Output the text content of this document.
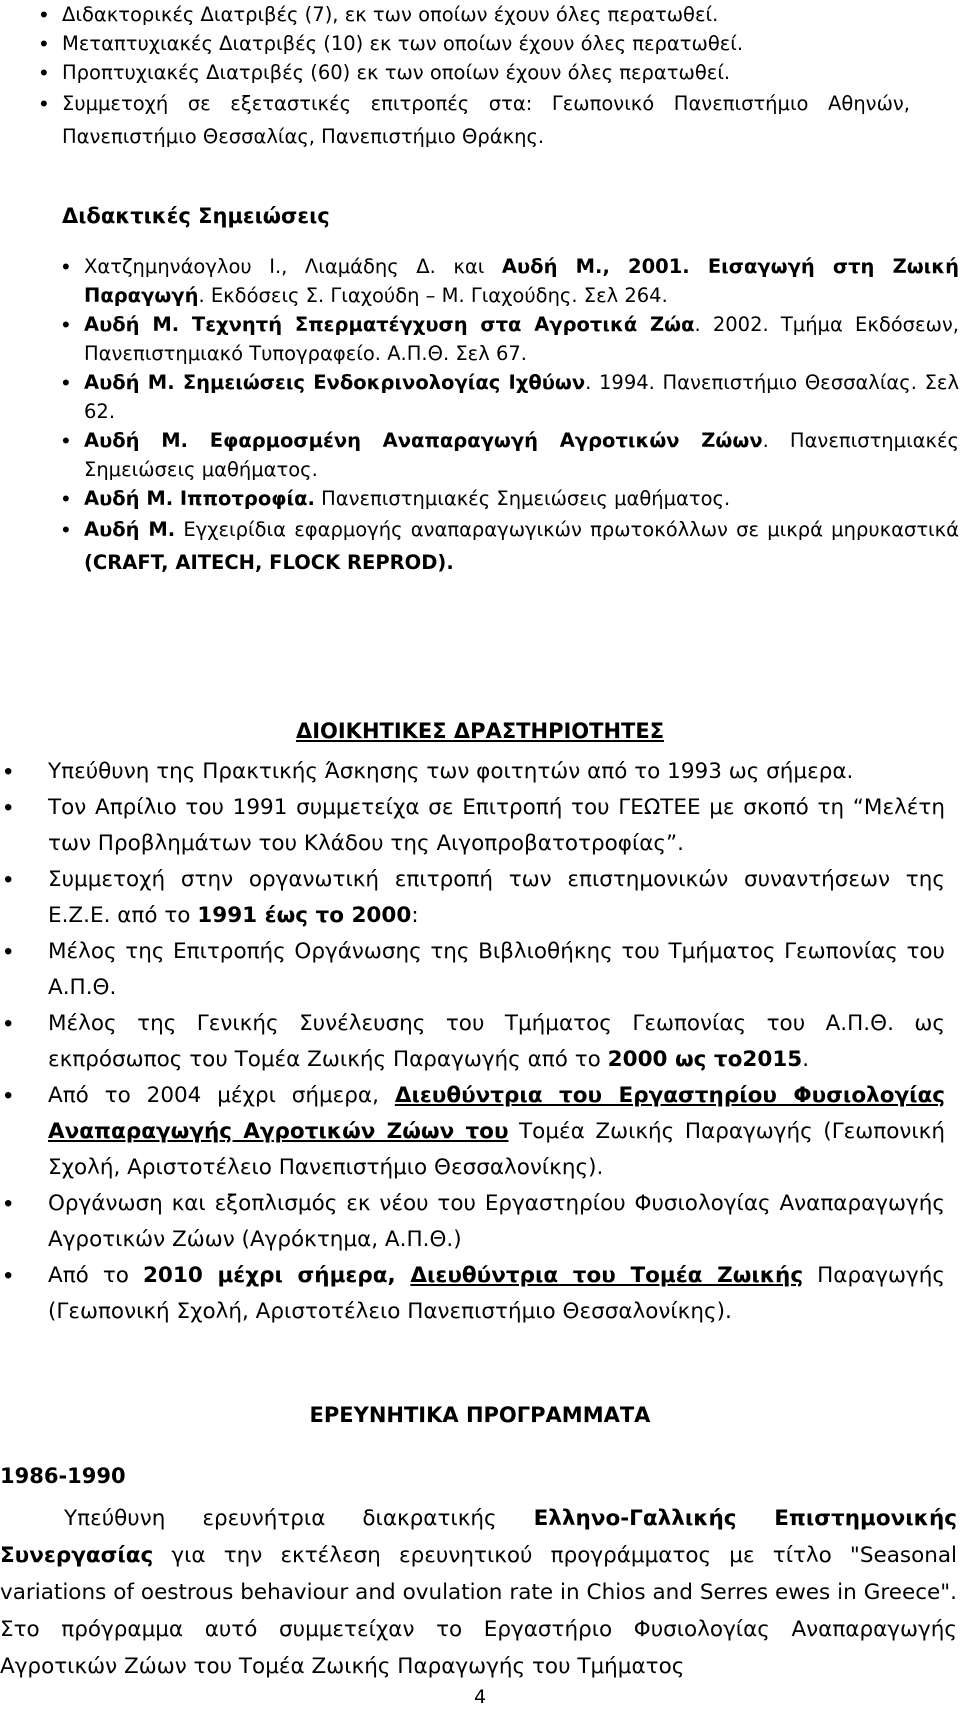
• Διδακτορικές Διατριβές (7), εκ των οποίων έχουν όλες περατωθεί.
• Μεταπτυχιακές Διατριβές (10) εκ των οποίων έχουν όλες περατωθεί.
• Προπτυχιακές Διατριβές (60) εκ των οποίων έχουν όλες περατωθεί.
• Συμμετοχή σε εξεταστικές επιτροπές στα: Γεωπονικό Πανεπιστήμιο Αθηνών, Πανεπιστήμιο Θεσσαλίας, Πανεπιστήμιο Θράκης.
Διδακτικές Σημειώσεις
• Χατζημηνάογλου Ι., Λιαμάδης Δ. και Αυδή Μ., 2001. Εισαγωγή στη Ζωική Παραγωγή. Εκδόσεις Σ. Γιαχούδη – Μ. Γιαχούδης. Σελ 264.
• Αυδή Μ. Τεχνητή Σπερματέγχυση στα Αγροτικά Ζώα. 2002. Τμήμα Εκδόσεων, Πανεπιστημιακό Τυπογραφείο. Α.Π.Θ. Σελ 67.
• Αυδή Μ. Σημειώσεις Ενδοκρινολογίας Ιχθύων. 1994. Πανεπιστήμιο Θεσσαλίας. Σελ 62.
• Αυδή Μ. Εφαρμοσμένη Αναπαραγωγή Αγροτικών Ζώων. Πανεπιστημιακές Σημειώσεις μαθήματος.
• Αυδή Μ. Ιπποτροφία. Πανεπιστημιακές Σημειώσεις μαθήματος.
• Αυδή Μ. Εγχειρίδια εφαρμογής αναπαραγωγικών πρωτοκόλλων σε μικρά μηρυκαστικά (CRAFT, AITECH, FLOCK REPROD).
ΔΙΟΙΚΗΤΙΚΕΣ ΔΡΑΣΤΗΡΙΟΤΗΤΕΣ
• Υπεύθυνη της Πρακτικής Άσκησης των φοιτητών από το 1993 ως σήμερα.
• Τον Απρίλιο του 1991 συμμετείχα σε Επιτροπή του ΓΕΩΤΕΕ με σκοπό τη “Μελέτη των Προβλημάτων του Κλάδου της Αιγοπροβατοτροφίας”.
• Συμμετοχή στην οργανωτική επιτροπή των επιστημονικών συναντήσεων της Ε.Ζ.Ε. από το 1991 έως το 2000:
• Μέλος της Επιτροπής Οργάνωσης της Βιβλιοθήκης του Τμήματος Γεωπονίας του Α.Π.Θ.
• Μέλος της Γενικής Συνέλευσης του Τμήματος Γεωπονίας του Α.Π.Θ. ως εκπρόσωπος του Τομέα Ζωικής Παραγωγής από το 2000 ως το2015.
• Από το 2004 μέχρι σήμερα, Διευθύντρια του Εργαστηρίου Φυσιολογίας Αναπαραγωγής Αγροτικών Ζώων του Τομέα Ζωικής Παραγωγής (Γεωπονική Σχολή, Αριστοτέλειο Πανεπιστήμιο Θεσσαλονίκης).
• Οργάνωση και εξοπλισμός εκ νέου του Εργαστηρίου Φυσιολογίας Αναπαραγωγής Αγροτικών Ζώων (Αγρόκτημα, Α.Π.Θ.)
• Από το 2010 μέχρι σήμερα, Διευθύντρια του Τομέα Ζωικής Παραγωγής (Γεωπονική Σχολή, Αριστοτέλειο Πανεπιστήμιο Θεσσαλονίκης).
ΕΡΕΥΝΗΤΙΚΑ ΠΡΟΓΡΑΜΜΑΤΑ
1986-1990
Υπεύθυνη ερευνήτρια διακρατικής Ελληνο-Γαλλικής Επιστημονικής Συνεργασίας για την εκτέλεση ερευνητικού προγράμματος με τίτλο "Seasonal variations of oestrous behaviour and ovulation rate in Chios and Serres ewes in Greece". Στο πρόγραμμα αυτό συμμετείχαν το Εργαστήριο Φυσιολογίας Αναπαραγωγής Αγροτικών Ζώων του Τομέα Ζωικής Παραγωγής του Τμήματος
4
